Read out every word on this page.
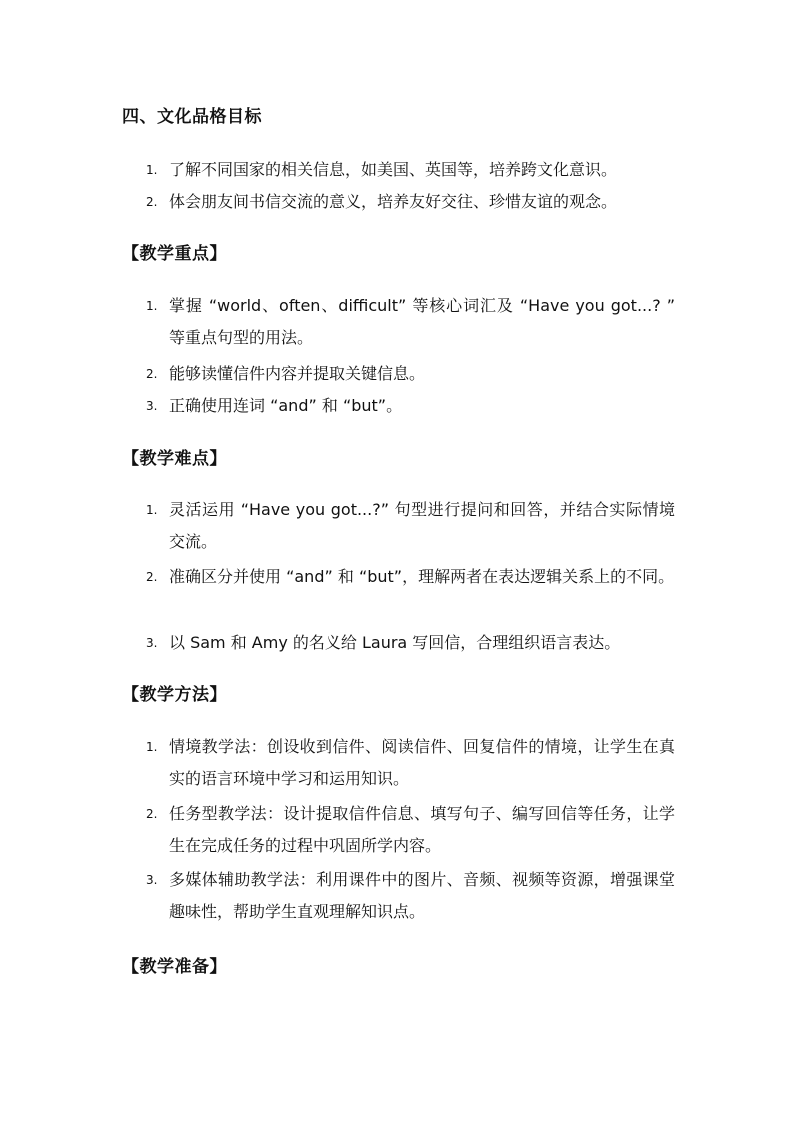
四、文化品格目标
1. 了解不同国家的相关信息，如美国、英国等，培养跨文化意识。
2. 体会朋友间书信交流的意义，培养友好交往、珍惜友谊的观念。
【教学重点】
1. 掌握 “world、often、difficult” 等核心词汇及 “Have you got...? ” 等重点句型的用法。
2. 能够读懂信件内容并提取关键信息。
3. 正确使用连词 “and” 和 “but”。
【教学难点】
1. 灵活运用 “Have you got...?” 句型进行提问和回答，并结合实际情境交流。
2. 准确区分并使用 “and” 和 “but”，理解两者在表达逻辑关系上的不同。
3. 以 Sam 和 Amy 的名义给 Laura 写回信，合理组织语言表达。
【教学方法】
1. 情境教学法：创设收到信件、阅读信件、回复信件的情境，让学生在真实的语言环境中学习和运用知识。
2. 任务型教学法：设计提取信件信息、填写句子、编写回信等任务，让学生在完成任务的过程中巩固所学内容。
3. 多媒体辅助教学法：利用课件中的图片、音频、视频等资源，增强课堂趣味性，帮助学生直观理解知识点。
【教学准备】
